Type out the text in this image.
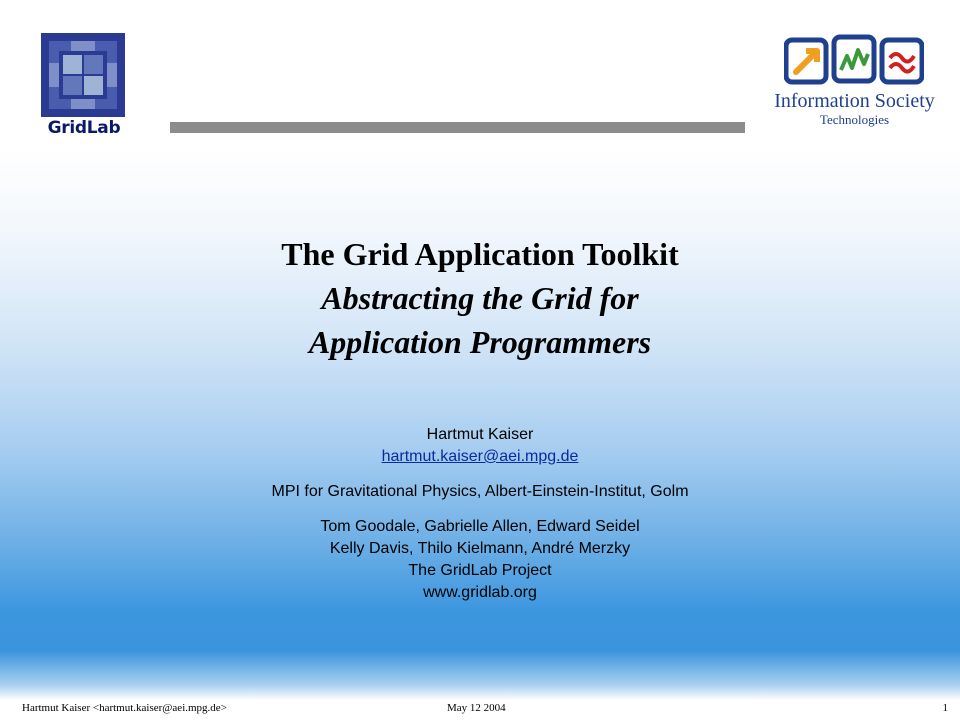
GridLab
Information Society
Technologies
The Grid Application Toolkit
Abstracting the Grid for
Application Programmers
Hartmut Kaiser
hartmut.kaiser@aei.mpg.de
MPI for Gravitational Physics, Albert-Einstein-Institut, Golm
Tom Goodale, Gabrielle Allen, Edward Seidel
Kelly Davis, Thilo Kielmann, André Merzky
The GridLab Project
www.gridlab.org
Hartmut Kaiser <hartmut.kaiser@aei.mpg.de>	May 12 2004	1
